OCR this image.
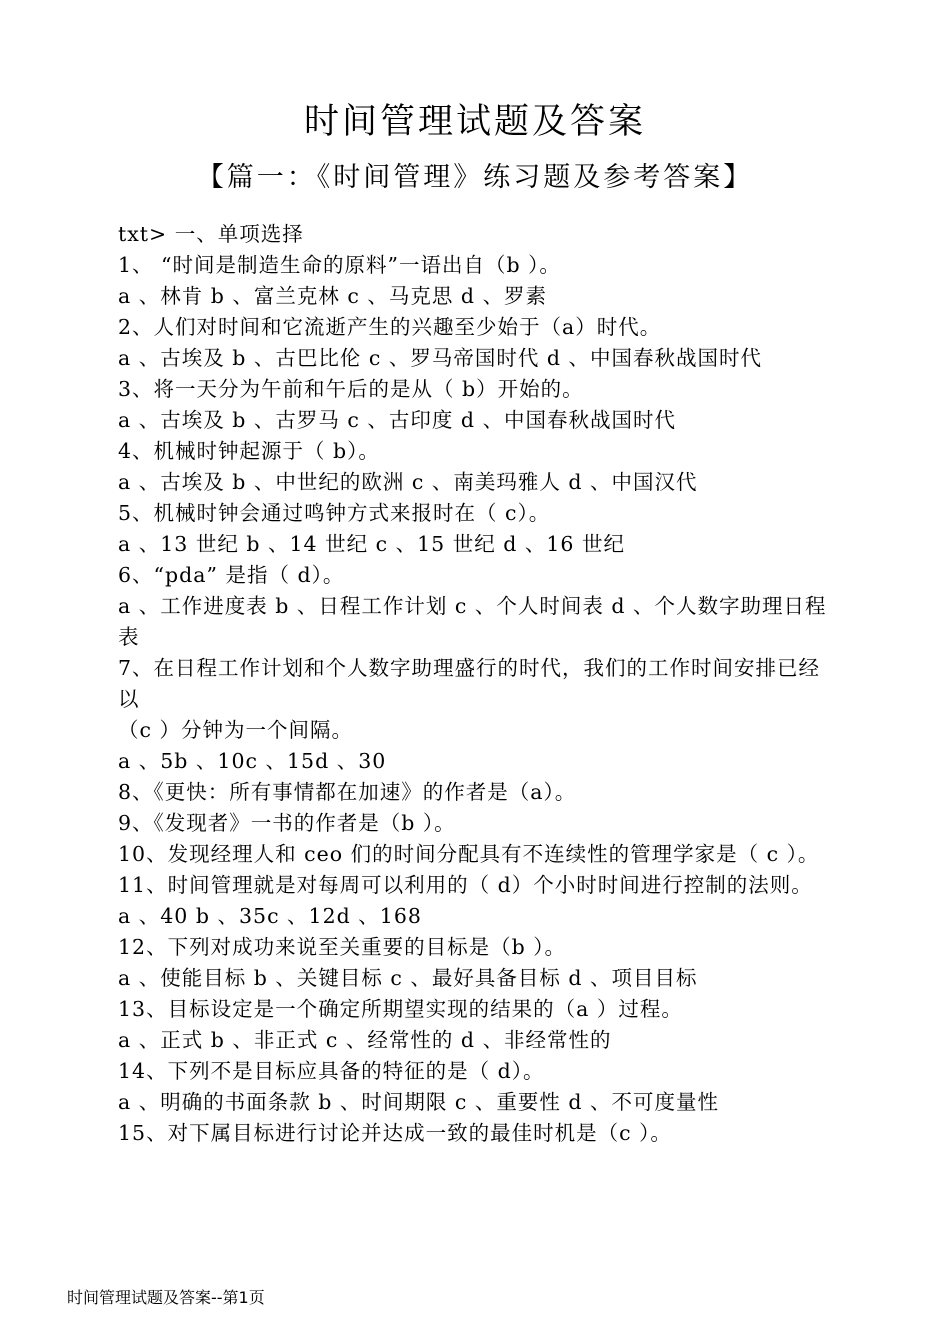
时间管理试题及答案
【篇一：《时间管理》练习题及参考答案】
txt> 一、单项选择
1、 “时间是制造生命的原料”一语出自（b ）。
a 、林肯 b 、富兰克林 c 、马克思 d 、罗素
2、人们对时间和它流逝产生的兴趣至少始于（a）时代。
a 、古埃及 b 、古巴比伦 c 、罗马帝国时代 d 、中国春秋战国时代
3、将一天分为午前和午后的是从（ b）开始的。
a 、古埃及 b 、古罗马 c 、古印度 d 、中国春秋战国时代
4、机械时钟起源于（ b）。
a 、古埃及 b 、中世纪的欧洲 c 、南美玛雅人 d 、中国汉代
5、机械时钟会通过鸣钟方式来报时在（ c）。
a 、13 世纪 b 、14 世纪 c 、15 世纪 d 、16 世纪
6、“pda” 是指（ d）。
a 、工作进度表 b 、日程工作计划 c 、个人时间表 d 、个人数字助理日程表
7、在日程工作计划和个人数字助理盛行的时代，我们的工作时间安排已经以
（c ）分钟为一个间隔。
a 、5b 、10c 、15d 、30
8、《更快：所有事情都在加速》的作者是（a）。
9、《发现者》一书的作者是（b ）。
10、发现经理人和 ceo 们的时间分配具有不连续性的管理学家是（ c ）。
11、时间管理就是对每周可以利用的（ d）个小时时间进行控制的法则。
a 、40 b 、35c 、12d 、168
12、下列对成功来说至关重要的目标是（b ）。
a 、使能目标 b 、关键目标 c 、最好具备目标 d 、项目目标
13、目标设定是一个确定所期望实现的结果的（a ）过程。
a 、正式 b 、非正式 c 、经常性的 d 、非经常性的
14、下列不是目标应具备的特征的是（ d）。
a 、明确的书面条款 b 、时间期限 c 、重要性 d 、不可度量性
15、对下属目标进行讨论并达成一致的最佳时机是（c ）。
时间管理试题及答案--第1页
